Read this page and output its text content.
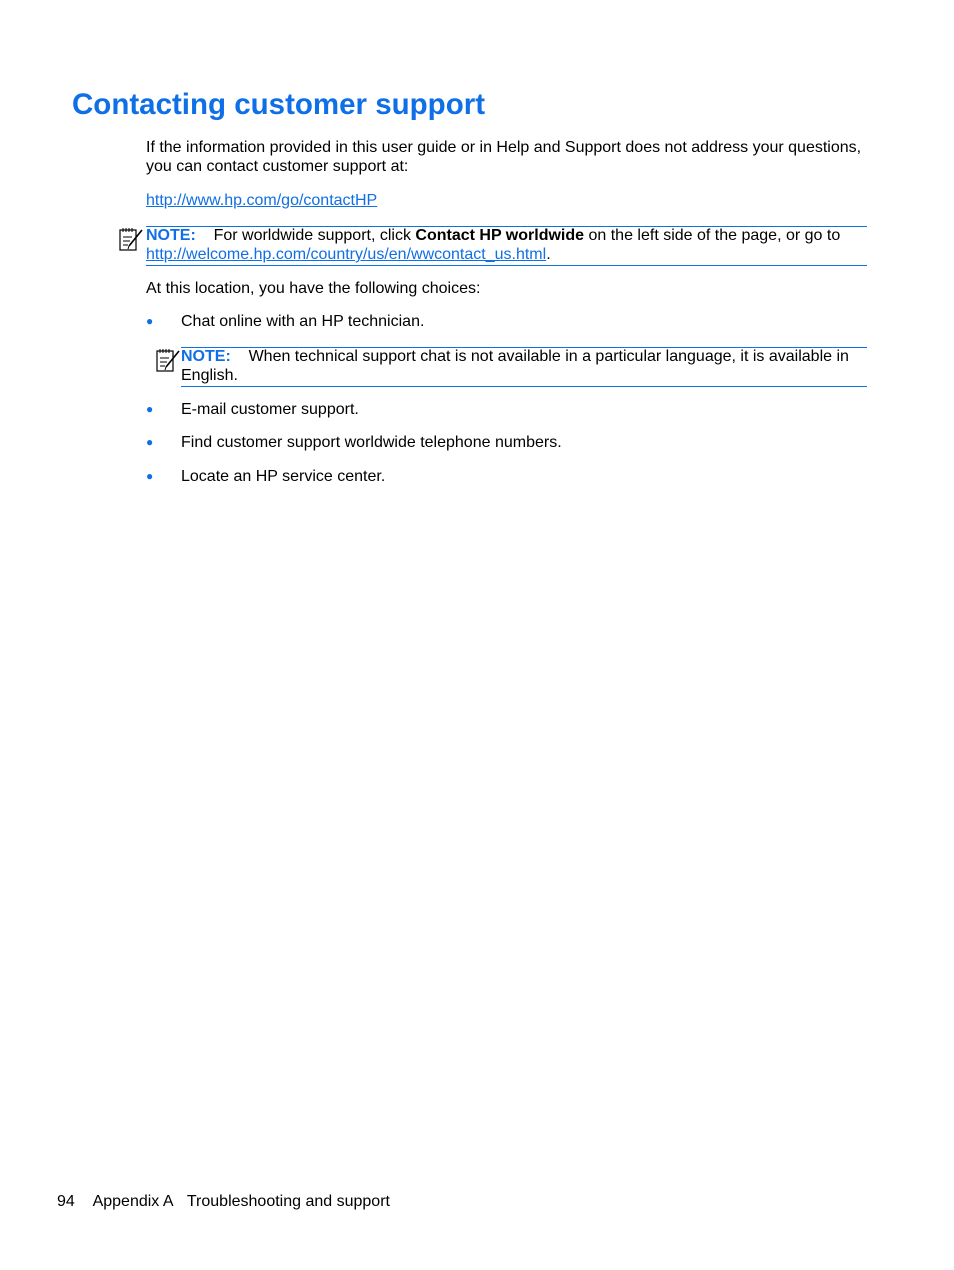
Contacting customer support

If the information provided in this user guide or in Help and Support does not address your questions, you can contact customer support at:

http://www.hp.com/go/contactHP

NOTE: For worldwide support, click Contact HP worldwide on the left side of the page, or go to
http://welcome.hp.com/country/us/en/wwcontact_us.html.

At this location, you have the following choices:

● Chat online with an HP technician.
NOTE: When technical support chat is not available in a particular language, it is available in English.
● E-mail customer support.
● Find customer support worldwide telephone numbers.
● Locate an HP service center.
94 Appendix A Troubleshooting and support
